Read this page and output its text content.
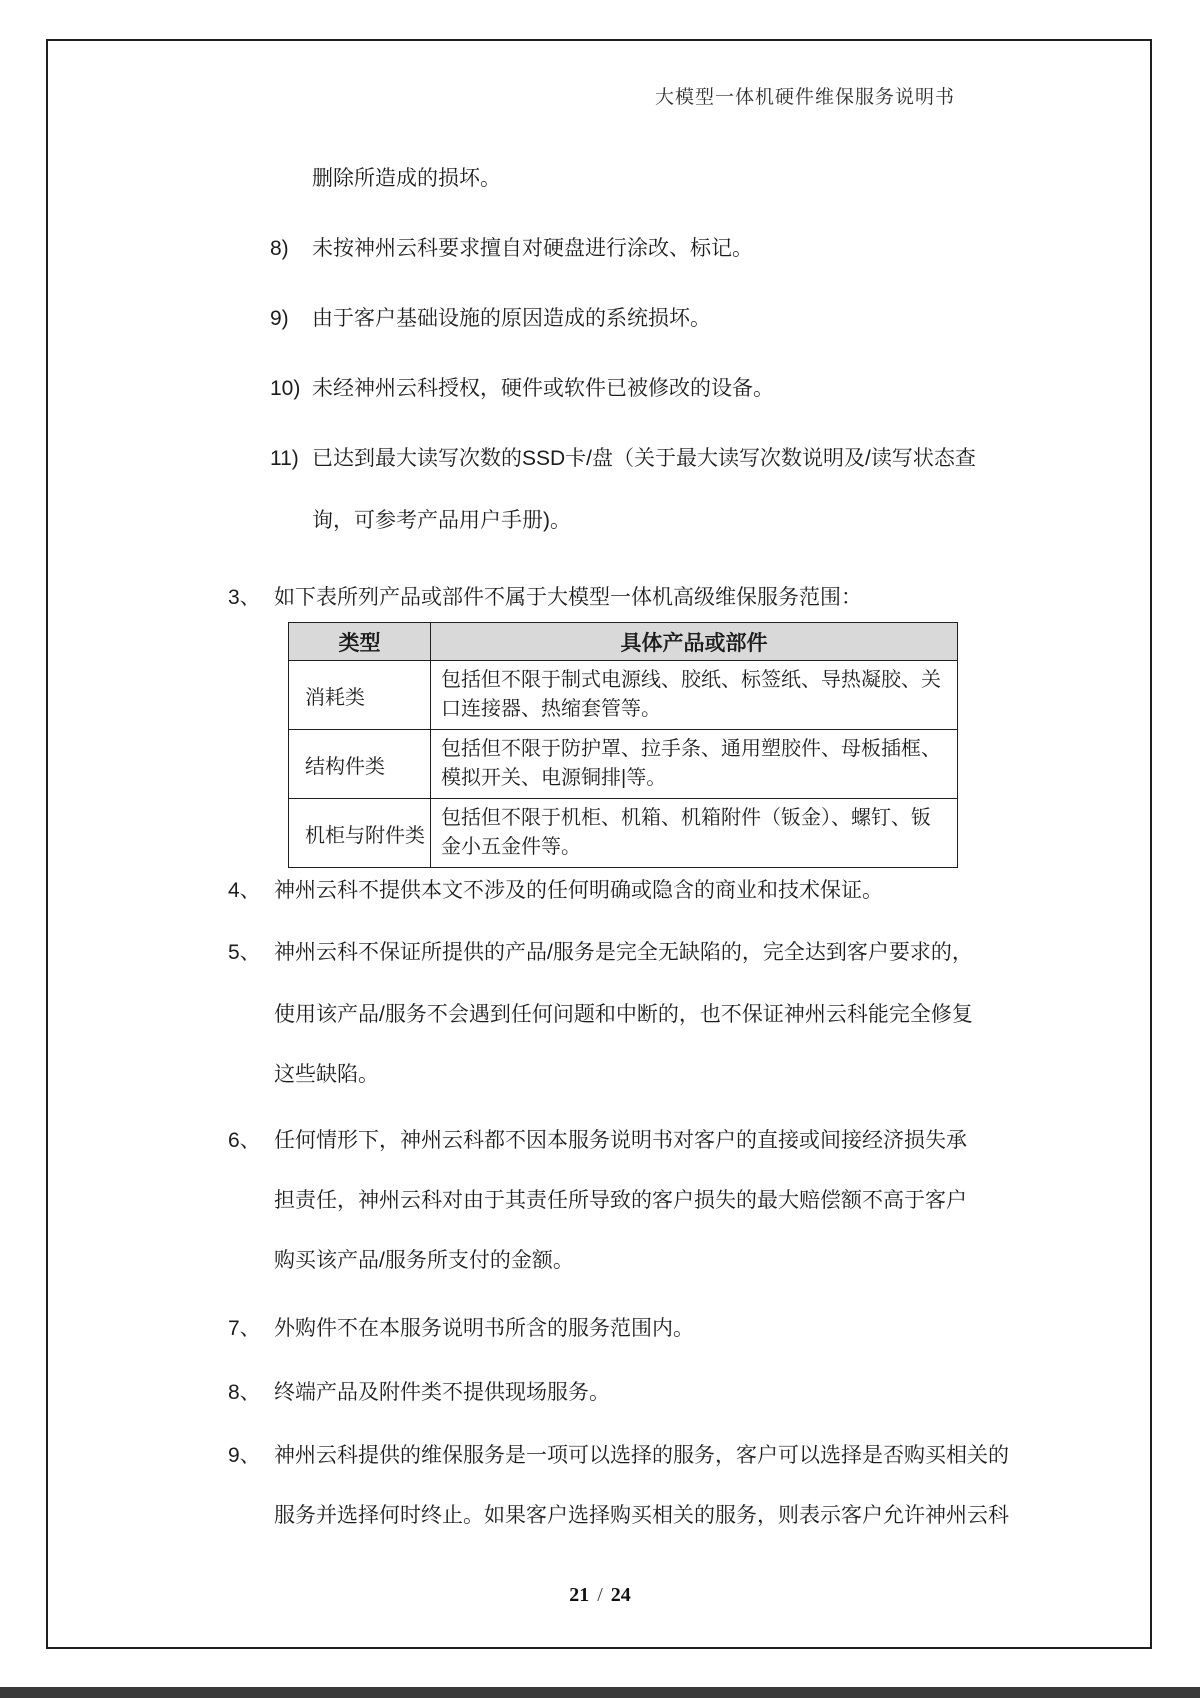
大模型一体机硬件维保服务说明书
删除所造成的损坏。
8) 未按神州云科要求擅自对硬盘进行涂改、标记。
9) 由于客户基础设施的原因造成的系统损坏。
10) 未经神州云科授权，硬件或软件已被修改的设备。
11) 已达到最大读写次数的SSD卡/盘（关于最大读写次数说明及/读写状态查
询，可参考产品用户手册)。
3、 如下表所列产品或部件不属于大模型一体机高级维保服务范围：
类型	具体产品或部件
消耗类	包括但不限于制式电源线、胶纸、标签纸、导热凝胶、关口连接器、热缩套管等。
结构件类	包括但不限于防护罩、拉手条、通用塑胶件、母板插框、模拟开关、电源铜排|等。
机柜与附件类	包括但不限于机柜、机箱、机箱附件（钣金）、螺钉、钣金小五金件等。
4、 神州云科不提供本文不涉及的任何明确或隐含的商业和技术保证。
5、 神州云科不保证所提供的产品/服务是完全无缺陷的，完全达到客户要求的，
使用该产品/服务不会遇到任何问题和中断的，也不保证神州云科能完全修复
这些缺陷。
6、 任何情形下，神州云科都不因本服务说明书对客户的直接或间接经济损失承
担责任，神州云科对由于其责任所导致的客户损失的最大赔偿额不高于客户
购买该产品/服务所支付的金额。
7、 外购件不在本服务说明书所含的服务范围内。
8、 终端产品及附件类不提供现场服务。
9、 神州云科提供的维保服务是一项可以选择的服务，客户可以选择是否购买相关的
服务并选择何时终止。如果客户选择购买相关的服务，则表示客户允许神州云科
21 / 24
